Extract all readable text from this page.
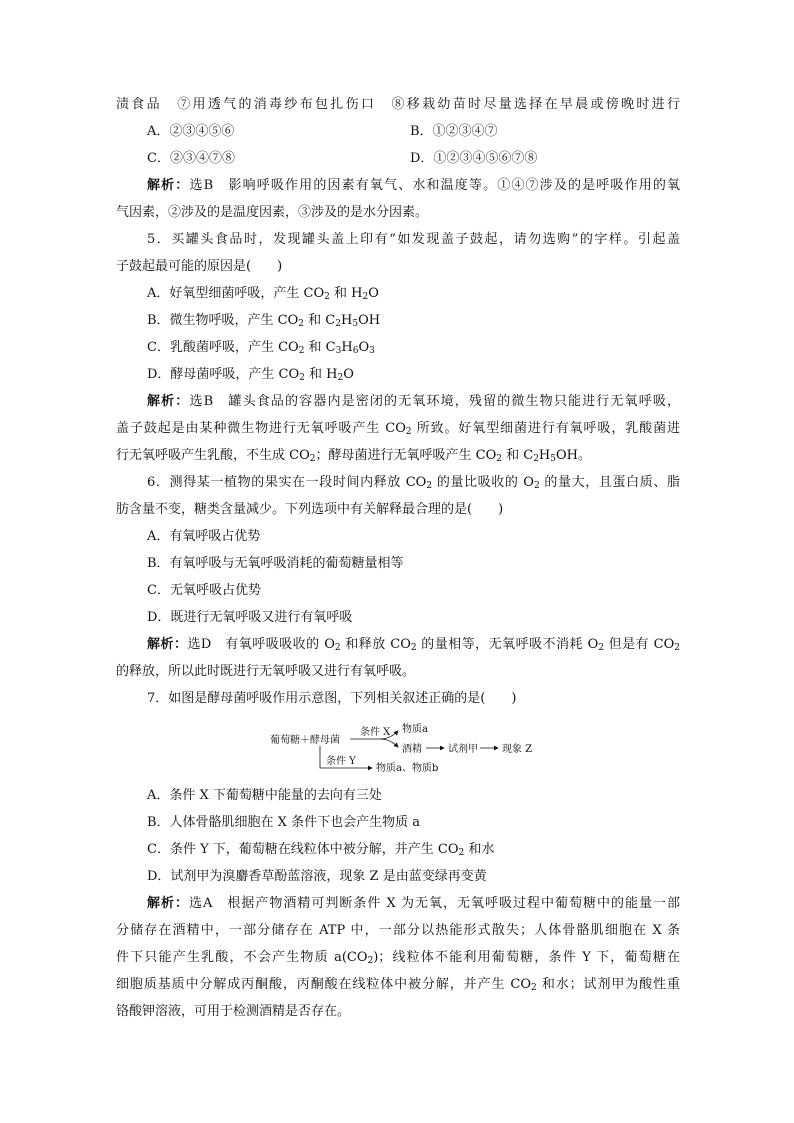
渍食品　⑦用透气的消毒纱布包扎伤口　⑧移栽幼苗时尽量选择在早晨或傍晚时进行
A．②③④⑤⑥	B．①②③④⑦
C．②③④⑦⑧	D．①②③④⑤⑥⑦⑧
解析：选B　影响呼吸作用的因素有氧气、水和温度等。①④⑦涉及的是呼吸作用的氧
气因素，②涉及的是温度因素，③涉及的是水分因素。
5．买罐头食品时，发现罐头盖上印有“如发现盖子鼓起，请勿选购”的字样。引起盖
子鼓起最可能的原因是(　　)
A．好氧型细菌呼吸，产生 $CO_2$ 和 $H_2O$
B．微生物呼吸，产生 $CO_2$ 和 $C_2H_5OH$
C．乳酸菌呼吸，产生 $CO_2$ 和 $C_3H_6O_3$
D．酵母菌呼吸，产生 $CO_2$ 和 $H_2O$
解析：选B　罐头食品的容器内是密闭的无氧环境，残留的微生物只能进行无氧呼吸，
盖子鼓起是由某种微生物进行无氧呼吸产生 $CO_2$ 所致。好氧型细菌进行有氧呼吸，乳酸菌进
行无氧呼吸产生乳酸，不生成 $CO_2$；酵母菌进行无氧呼吸产生 $CO_2$ 和 $C_2H_5OH$。
6．测得某一植物的果实在一段时间内释放 $CO_2$ 的量比吸收的 $O_2$ 的量大，且蛋白质、脂
肪含量不变，糖类含量减少。下列选项中有关解释最合理的是(　　)
A．有氧呼吸占优势
B．有氧呼吸与无氧呼吸消耗的葡萄糖量相等
C．无氧呼吸占优势
D．既进行无氧呼吸又进行有氧呼吸
解析：选D　有氧呼吸吸收的 $O_2$ 和释放 $CO_2$ 的量相等，无氧呼吸不消耗 $O_2$ 但是有 $CO_2$
的释放，所以此时既进行无氧呼吸又进行有氧呼吸。
7．如图是酵母菌呼吸作用示意图，下列相关叙述正确的是(　　)
葡萄糖＋酵母菌
条件 X 物质a
酒精	试剂甲 现象 Z
条件 Y
物质a、物质b
A．条件 X 下葡萄糖中能量的去向有三处
B．人体骨骼肌细胞在 X 条件下也会产生物质 a
C．条件 Y 下，葡萄糖在线粒体中被分解，并产生 $CO_2$ 和水
D．试剂甲为溴麝香草酚蓝溶液，现象 Z 是由蓝变绿再变黄
解析：选A　根据产物酒精可判断条件 X 为无氧，无氧呼吸过程中葡萄糖中的能量一部
分储存在酒精中，一部分储存在 ATP 中，一部分以热能形式散失；人体骨骼肌细胞在 X 条
件下只能产生乳酸，不会产生物质 $a(CO_2)$；线粒体不能利用葡萄糖，条件 Y 下，葡萄糖在
细胞质基质中分解成丙酮酸，丙酮酸在线粒体中被分解，并产生 $CO_2$ 和水；试剂甲为酸性重
铬酸钾溶液，可用于检测酒精是否存在。
